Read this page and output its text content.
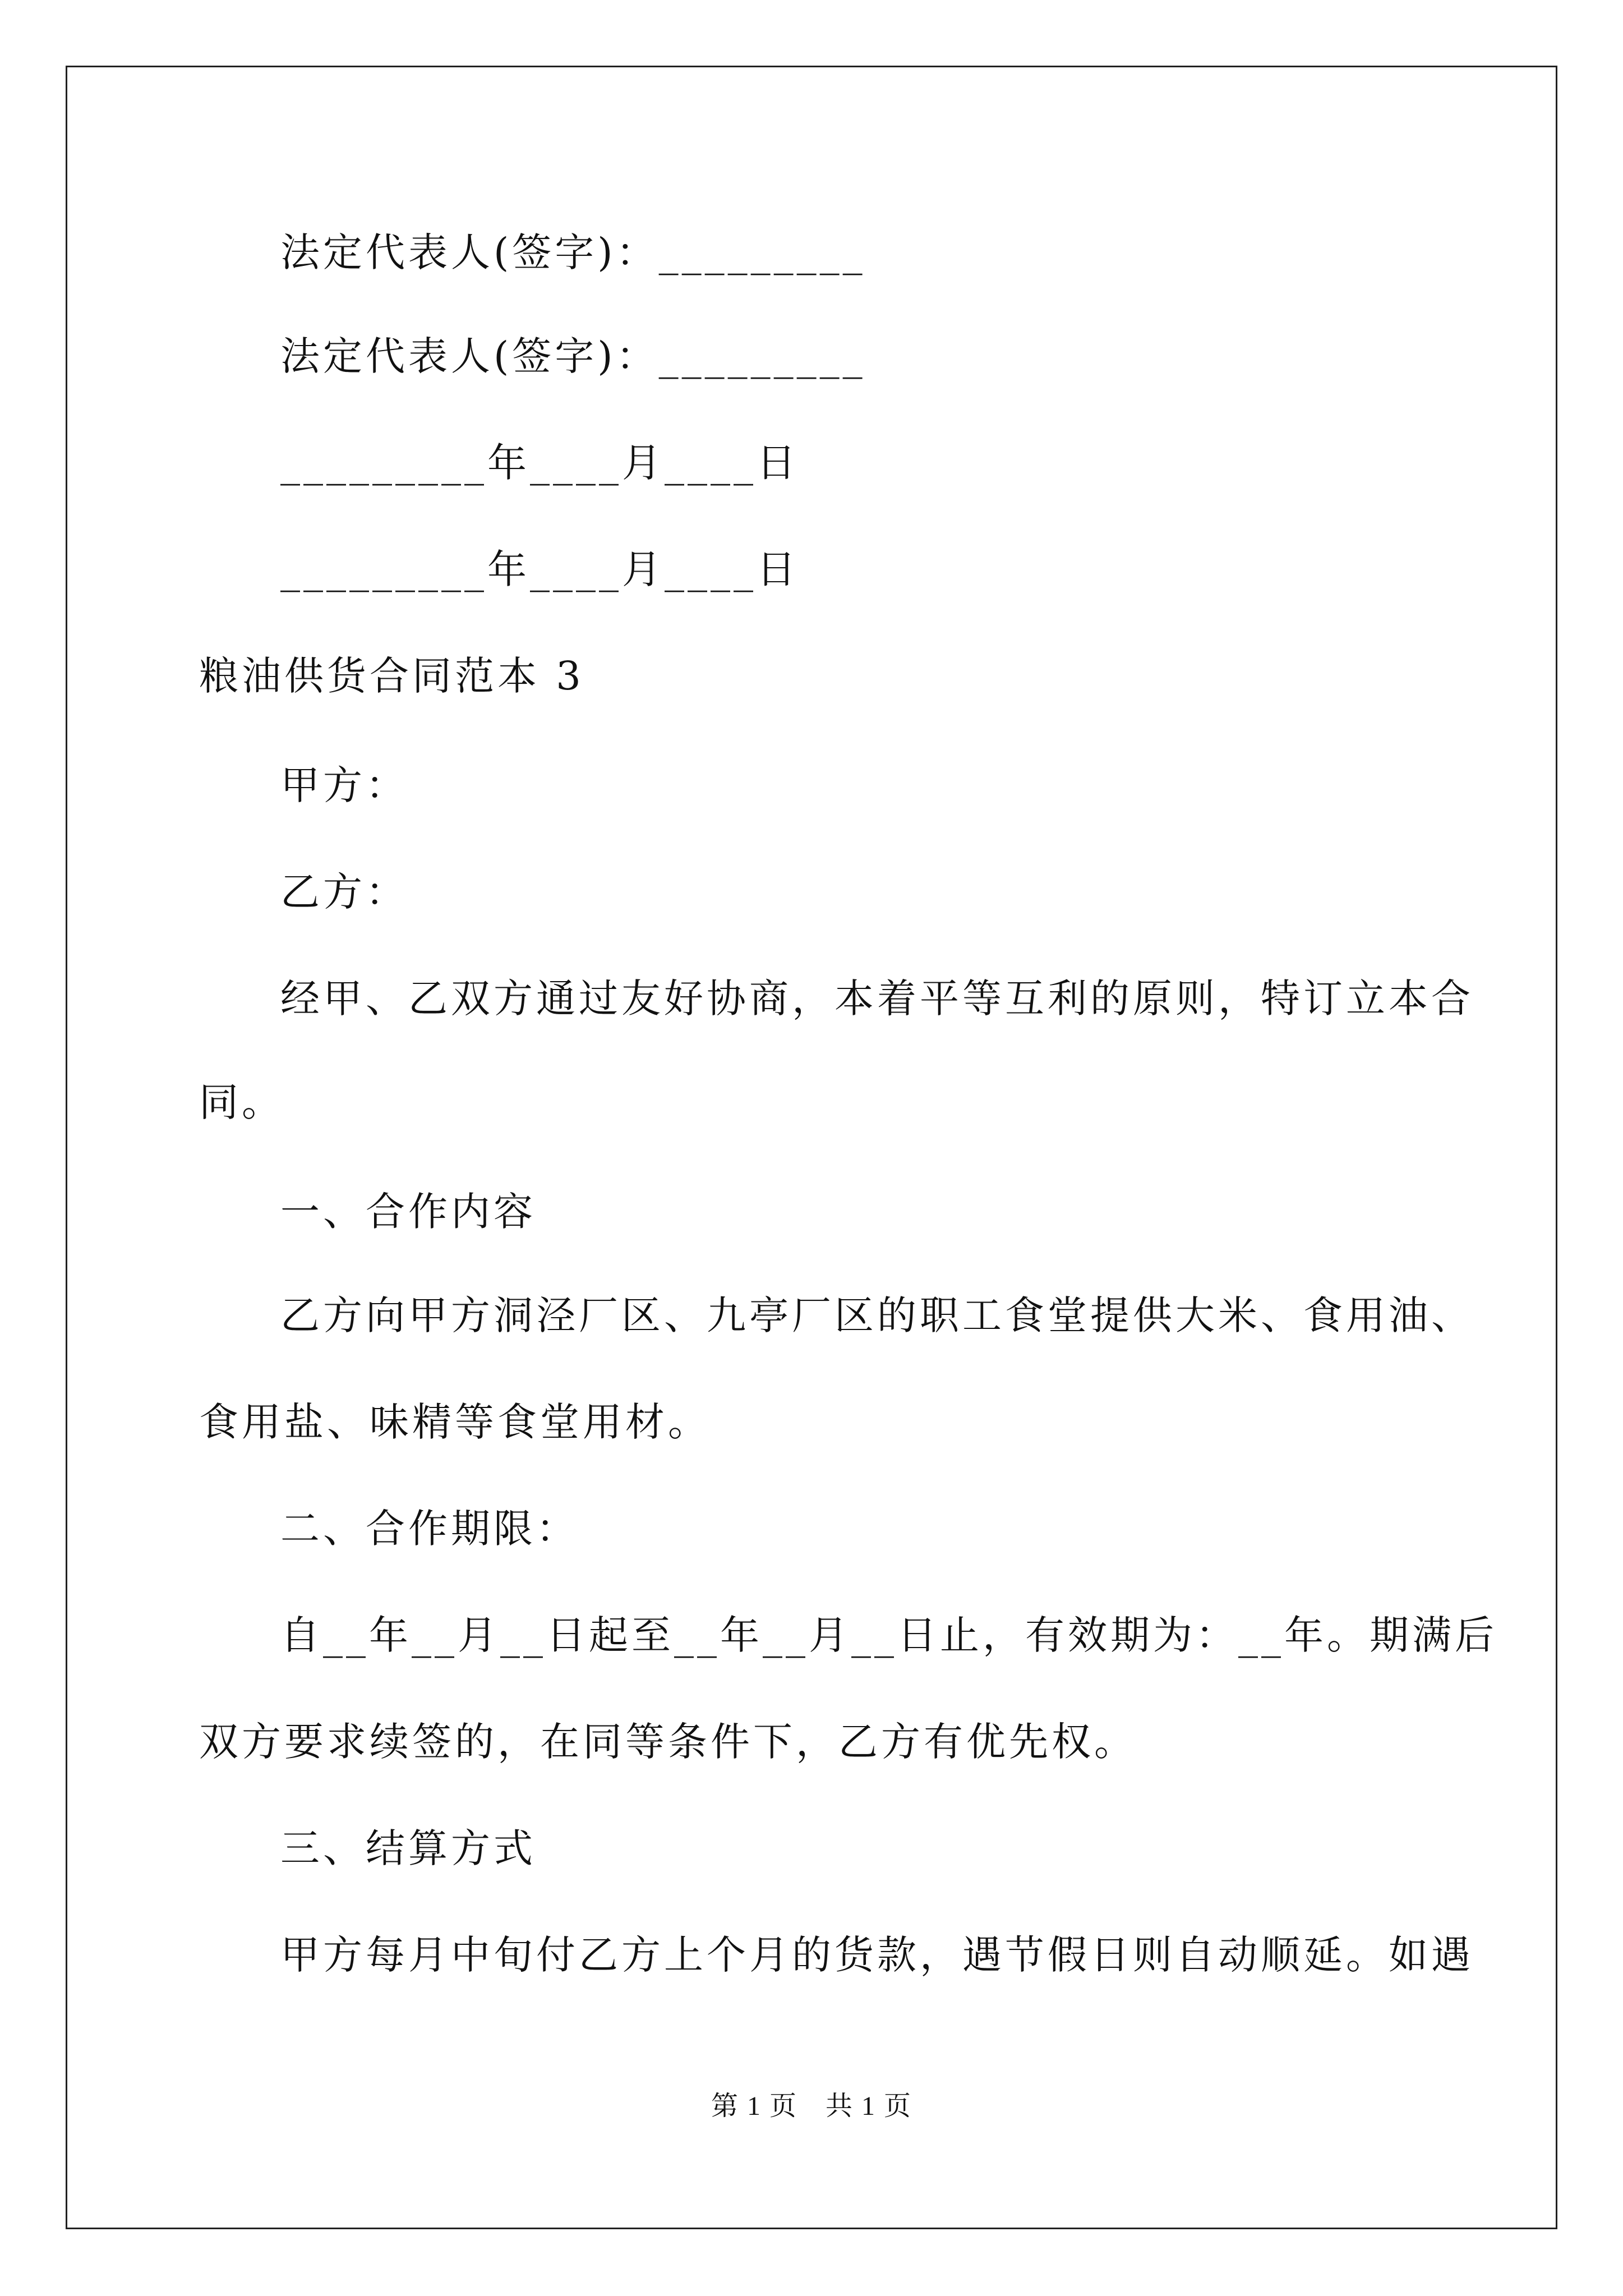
法定代表人(签字)：_________
法定代表人(签字)：_________
_________年____月____日
_________年____月____日
粮油供货合同范本 3
甲方：
乙方：
经甲、乙双方通过友好协商，本着平等互利的原则，特订立本合
同。
一、合作内容
乙方向甲方洞泾厂区、九亭厂区的职工食堂提供大米、食用油、
食用盐、味精等食堂用材。
二、合作期限：
自__年__月__日起至__年__月__日止，有效期为：__年。期满后
双方要求续签的，在同等条件下，乙方有优先权。
三、结算方式
甲方每月中旬付乙方上个月的货款，遇节假日则自动顺延。如遇
第 1 页　共 1 页
